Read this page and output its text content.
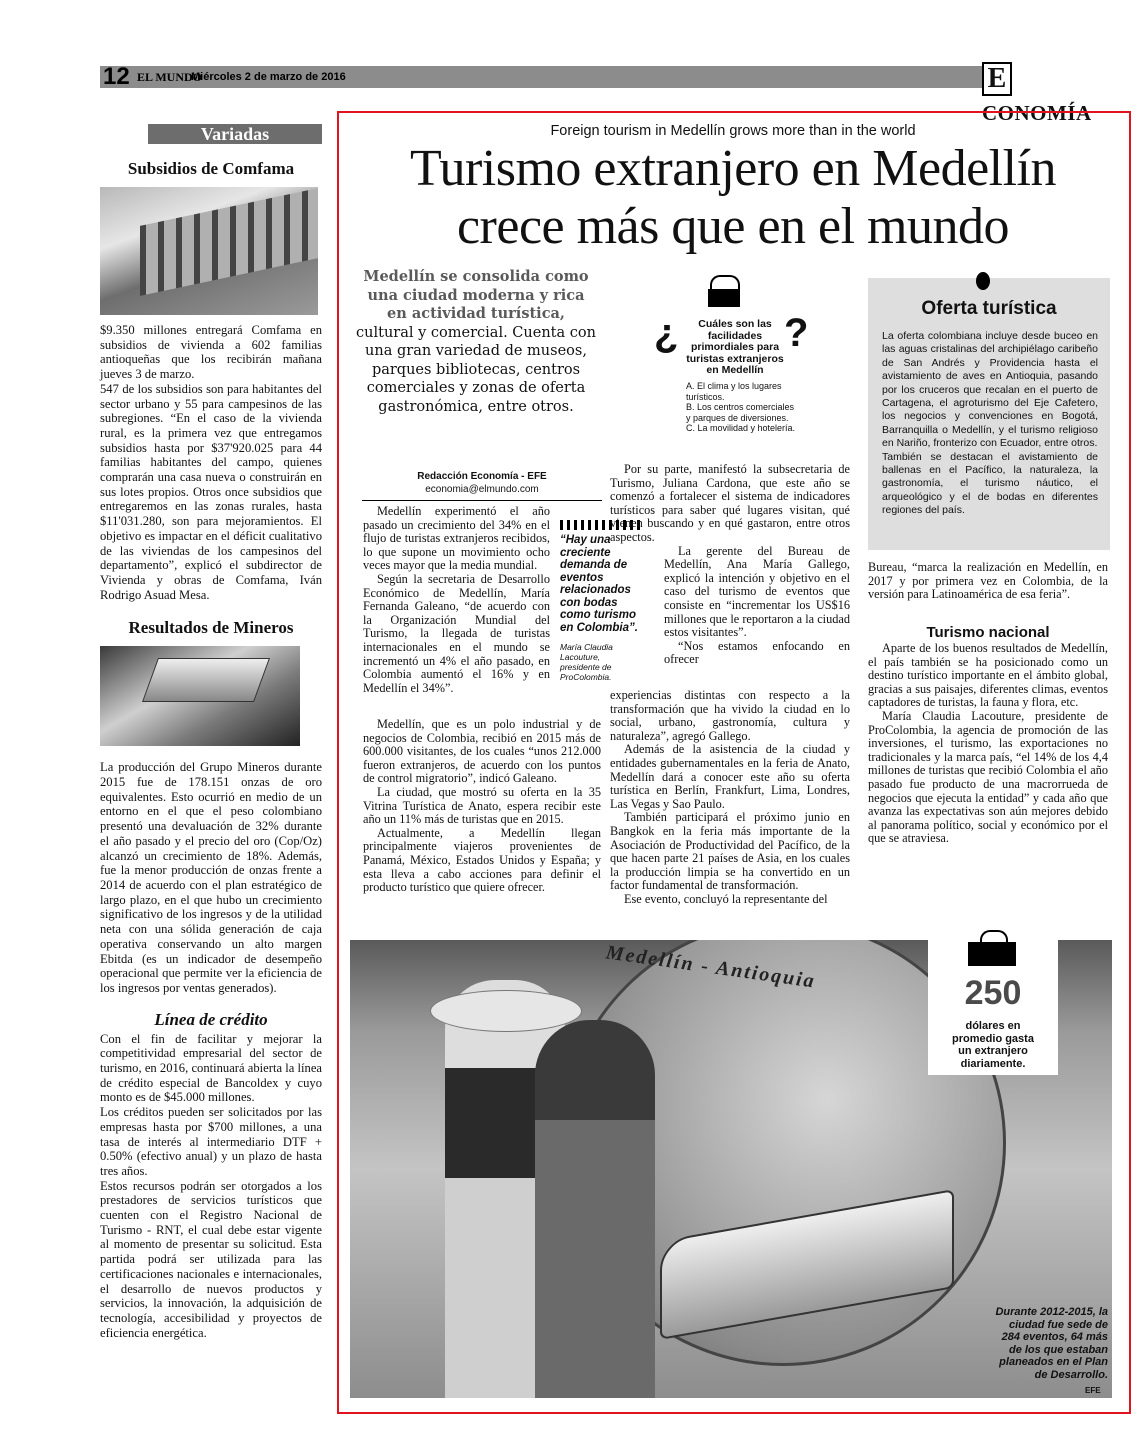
12 EL MUNDO
Miércoles 2 de marzo de 2016	ECONOMÍA
Variadas
Subsidios de Comfama

$9.350 millones entregará Comfama en subsidios de vivienda a 602 familias antioqueñas que los recibirán mañana jueves 3 de marzo.

547 de los subsidios son para habitantes del sector urbano y 55 para campesinos de las subregiones. “En el caso de la vivienda rural, es la primera vez que entregamos subsidios hasta por $37'920.025 para 44 familias habitantes del campo, quienes comprarán una casa nueva o construirán en sus lotes propios. Otros once subsidios que entregaremos en las zonas rurales, hasta $11'031.280, son para mejoramientos. El objetivo es impactar en el déficit cualitativo de las viviendas de los campesinos del departamento”, explicó el subdirector de Vivienda y obras de Comfama, Iván Rodrigo Asuad Mesa.

Resultados de Mineros

La producción del Grupo Mineros durante 2015 fue de 178.151 onzas de oro equivalentes. Esto ocurrió en medio de un entorno en el que el peso colombiano presentó una devaluación de 32% durante el año pasado y el precio del oro (Cop/Oz) alcanzó un crecimiento de 18%. Además, fue la menor producción de onzas frente a 2014 de acuerdo con el plan estratégico de largo plazo, en el que hubo un crecimiento significativo de los ingresos y de la utilidad neta con una sólida generación de caja operativa conservando un alto margen Ebitda (es un indicador de desempeño operacional que permite ver la eficiencia de los ingresos por ventas generados).

Línea de crédito

Con el fin de facilitar y mejorar la competitividad empresarial del sector de turismo, en 2016, continuará abierta la línea de crédito especial de Bancoldex y cuyo monto es de $45.000 millones.

Los créditos pueden ser solicitados por las empresas hasta por $700 millones, a una tasa de interés al intermediario DTF + 0.50% (efectivo anual) y un plazo de hasta tres años.

Estos recursos podrán ser otorgados a los prestadores de servicios turísticos que cuenten con el Registro Nacional de Turismo - RNT, el cual debe estar vigente al momento de presentar su solicitud. Esta partida podrá ser utilizada para las certificaciones nacionales e internacionales, el desarrollo de nuevos productos y servicios, la innovación, la adquisición de tecnología, accesibilidad y proyectos de eficiencia energética.

Foreign tourism in Medellín grows more than in the world
Turismo extranjero en Medellín
crece más que en el mundo
Medellín se consolida como una ciudad moderna y rica en actividad turística, cultural y comercial. Cuenta con una gran variedad de museos, parques bibliotecas, centros comerciales y zonas de oferta gastronómica, entre otros.
¿	?
Cuáles son las facilidades primordiales para turistas extranjeros en Medellín
A. El clima y los lugares turísticos.
B. Los centros comerciales y parques de diversiones.
C. La movilidad y hotelería.
Oferta turística

La oferta colombiana incluye desde buceo en las aguas cristalinas del archipiélago caribeño de San Andrés y Providencia hasta el avistamiento de aves en Antioquia, pasando por los cruceros que recalan en el puerto de Cartagena, el agroturismo del Eje Cafetero, los negocios y convenciones en Bogotá, Barranquilla o Medellín, y el turismo religioso en Nariño, fronterizo con Ecuador, entre otros.

También se destacan el avistamiento de ballenas en el Pacífico, la naturaleza, la gastronomía, el turismo náutico, el arqueológico y el de bodas en diferentes regiones del país.

Redacción Economía - EFE
economia@elmundo.com

Medellín experimentó el año pasado un crecimiento del 34% en el flujo de turistas extranjeros recibidos, lo que supone un movimiento ocho veces mayor que la media mundial.

Según la secretaria de Desarrollo Económico de Medellín, María Fernanda Galeano, “de acuerdo con la Organización Mundial del Turismo, la llegada de turistas internacionales en el mundo se incrementó un 4% el año pasado, en Colombia aumentó el 16% y en Medellín el 34%”.

Medellín, que es un polo industrial y de negocios de Colombia, recibió en 2015 más de 600.000 visitantes, de los cuales “unos 212.000 fueron extranjeros, de acuerdo con los puntos de control migratorio”, indicó Galeano.

La ciudad, que mostró su oferta en la 35 Vitrina Turística de Anato, espera recibir este año un 11% más de turistas que en 2015.

Actualmente, a Medellín llegan principalmente viajeros provenientes de Panamá, México, Estados Unidos y España; y esta lleva a cabo acciones para definir el producto turístico que quiere ofrecer.

“Hay una creciente demanda de eventos relacionados con bodas como turismo en Colombia”.
María Claudia Lacouture, presidente de ProColombia.

Por su parte, manifestó la subsecretaria de Turismo, Juliana Cardona, que este año se comenzó a fortalecer el sistema de indicadores turísticos para saber qué lugares visitan, qué vienen buscando y en qué gastaron, entre otros aspectos.

La gerente del Bureau de Medellín, Ana María Gallego, explicó la intención y objetivo en el caso del turismo de eventos que consiste en “incrementar los US$16 millones que le reportaron a la ciudad estos visitantes”.

“Nos estamos enfocando en ofrecer

experiencias distintas con respecto a la transformación que ha vivido la ciudad en lo social, urbano, gastronomía, cultura y naturaleza”, agregó Gallego.

Además de la asistencia de la ciudad y entidades gubernamentales en la feria de Anato, Medellín dará a conocer este año su oferta turística en Berlín, Frankfurt, Lima, Londres, Las Vegas y Sao Paulo.

También participará el próximo junio en Bangkok en la feria más importante de la Asociación de Productividad del Pacífico, de la que hacen parte 21 países de Asia, en los cuales la producción limpia se ha convertido en un factor fundamental de transformación.

Ese evento, concluyó la representante del

Bureau, “marca la realización en Medellín, en 2017 y por primera vez en Colombia, de la versión para Latinoamérica de esa feria”.

Turismo nacional

Aparte de los buenos resultados de Medellín, el país también se ha posicionado como un destino turístico importante en el ámbito global, gracias a sus paisajes, diferentes climas, eventos captadores de turistas, la fauna y flora, etc.

María Claudia Lacouture, presidente de ProColombia, la agencia de promoción de las inversiones, el turismo, las exportaciones no tradicionales y la marca país, “el 14% de los 4,4 millones de turistas que recibió Colombia el año pasado fue producto de una macrorrueda de negocios que ejecuta la entidad” y cada año que avanza las expectativas son aún mejores debido al panorama político, social y económico por el que se atraviesa.

Medellín - Antioquia
Durante 2012-2015, la ciudad fue sede de 284 eventos, 64 más de los que estaban planeados en el Plan de Desarrollo.
EFE
250
dólares en promedio gasta un extranjero diariamente.
